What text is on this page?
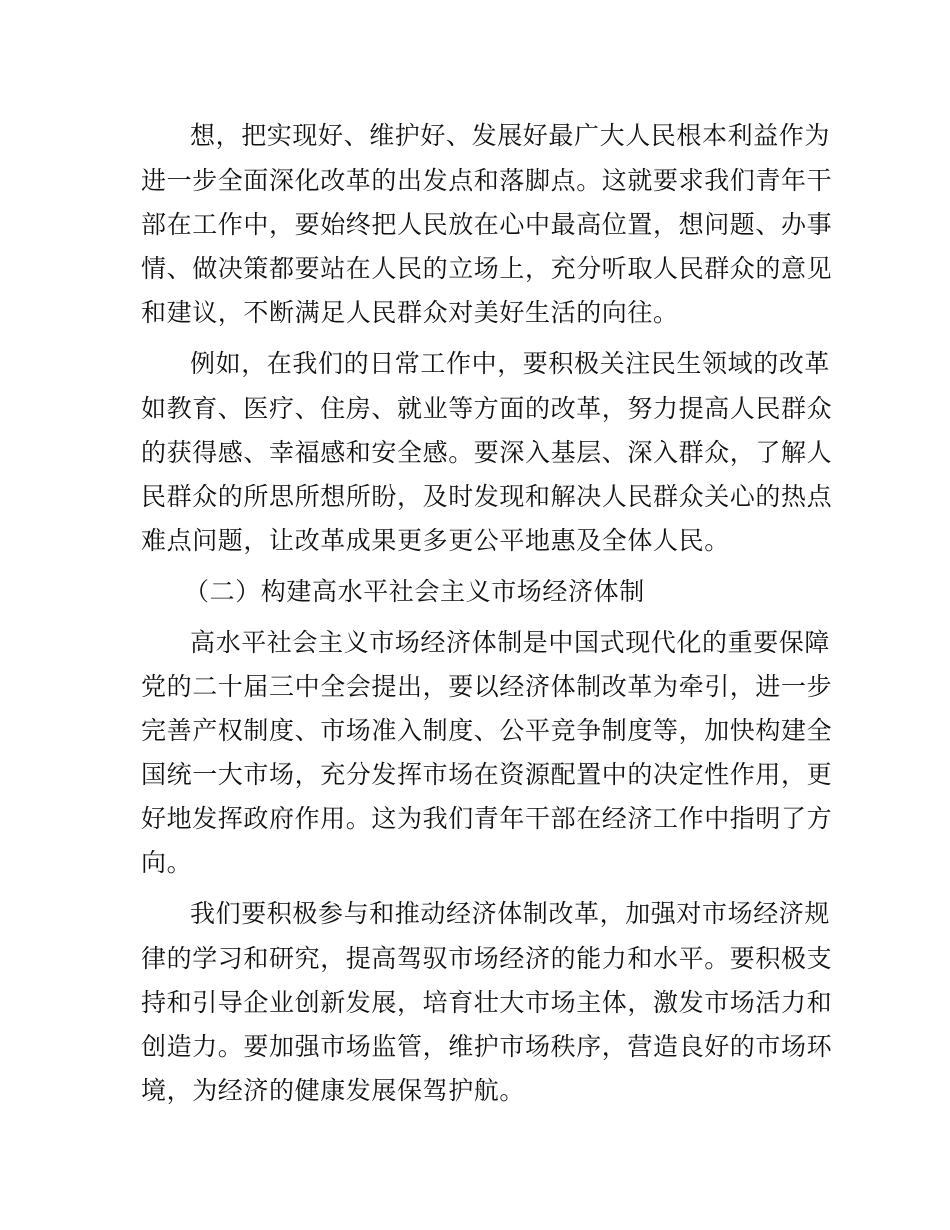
想，把实现好、维护好、发展好最广大人民根本利益作为
进一步全面深化改革的出发点和落脚点。这就要求我们青年干
部在工作中，要始终把人民放在心中最高位置，想问题、办事
情、做决策都要站在人民的立场上，充分听取人民群众的意见
和建议，不断满足人民群众对美好生活的向往。
例如，在我们的日常工作中，要积极关注民生领域的改革
如教育、医疗、住房、就业等方面的改革，努力提高人民群众
的获得感、幸福感和安全感。要深入基层、深入群众，了解人
民群众的所思所想所盼，及时发现和解决人民群众关心的热点
难点问题，让改革成果更多更公平地惠及全体人民。
（二）构建高水平社会主义市场经济体制
高水平社会主义市场经济体制是中国式现代化的重要保障
党的二十届三中全会提出，要以经济体制改革为牵引，进一步
完善产权制度、市场准入制度、公平竞争制度等，加快构建全
国统一大市场，充分发挥市场在资源配置中的决定性作用，更
好地发挥政府作用。这为我们青年干部在经济工作中指明了方
向。
我们要积极参与和推动经济体制改革，加强对市场经济规
律的学习和研究，提高驾驭市场经济的能力和水平。要积极支
持和引导企业创新发展，培育壮大市场主体，激发市场活力和
创造力。要加强市场监管，维护市场秩序，营造良好的市场环
境，为经济的健康发展保驾护航。
